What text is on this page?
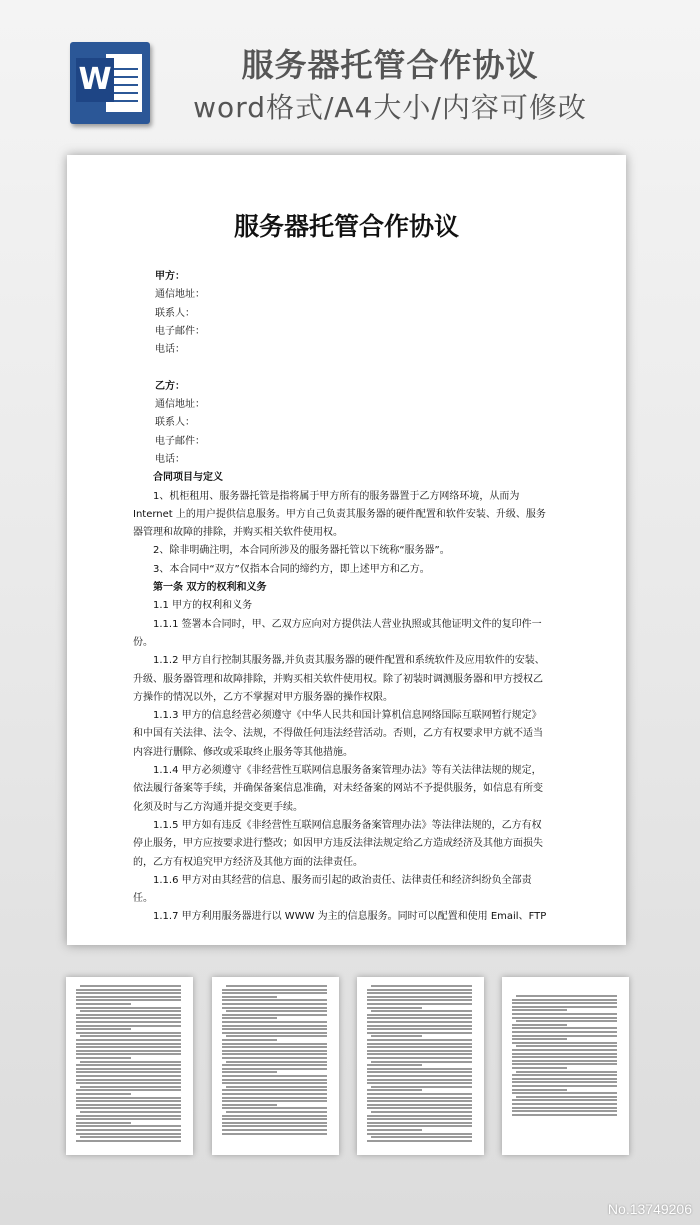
W	服务器托管合作协议
word格式/A4大小/内容可修改
服务器托管合作协议

甲方：

通信地址：

联系人：

电子邮件：

电话：

乙方：

通信地址：

联系人：

电子邮件：

电话：

合同项目与定义

1、机柜租用、服务器托管是指将属于甲方所有的服务器置于乙方网络环境，从而为 Internet 上的用户提供信息服务。甲方自己负责其服务器的硬件配置和软件安装、升级、服务器管理和故障的排除，并购买相关软件使用权。

2、除非明确注明，本合同所涉及的服务器托管以下统称“服务器”。

3、本合同中“双方”仅指本合同的缔约方，即上述甲方和乙方。

第一条 双方的权利和义务

1.1 甲方的权利和义务

1.1.1 签署本合同时，甲、乙双方应向对方提供法人营业执照或其他证明文件的复印件一份。

1.1.2 甲方自行控制其服务器,并负责其服务器的硬件配置和系统软件及应用软件的安装、升级、服务器管理和故障排除，并购买相关软件使用权。除了初装时调测服务器和甲方授权乙方操作的情况以外，乙方不掌握对甲方服务器的操作权限。

1.1.3 甲方的信息经营必须遵守《中华人民共和国计算机信息网络国际互联网暂行规定》和中国有关法律、法令、法规，不得做任何违法经营活动。否则，乙方有权要求甲方就不适当内容进行删除、修改或采取终止服务等其他措施。

1.1.4 甲方必须遵守《非经营性互联网信息服务备案管理办法》等有关法律法规的规定，依法履行备案等手续，并确保备案信息准确，对未经备案的网站不予提供服务，如信息有所变化须及时与乙方沟通并提交变更手续。

1.1.5 甲方如有违反《非经营性互联网信息服务备案管理办法》等法律法规的，乙方有权停止服务，甲方应按要求进行整改；如因甲方违反法律法规定给乙方造成经济及其他方面损失的，乙方有权追究甲方经济及其他方面的法律责任。

1.1.6 甲方对由其经营的信息、服务而引起的政治责任、法律责任和经济纠纷负全部责任。

1.1.7 甲方利用服务器进行以 WWW 为主的信息服务。同时可以配置和使用 Email、FTP

No.13749206
